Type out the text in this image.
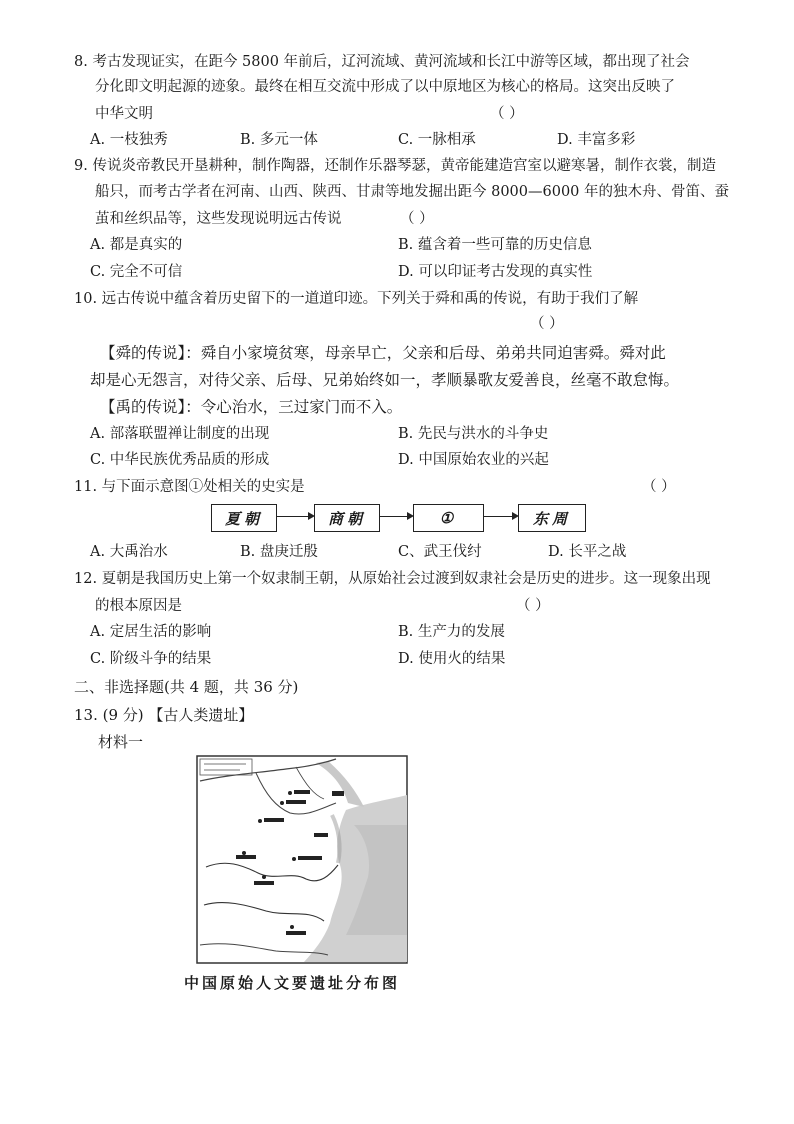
8. 考古发现证实，在距今 5800 年前后，辽河流域、黄河流域和长江中游等区域，都出现了社会
分化即文明起源的迹象。最终在相互交流中形成了以中原地区为核心的格局。这突出反映了
中华文明	（ ）
A. 一枝独秀	B. 多元一体	C. 一脉相承	D. 丰富多彩
9. 传说炎帝教民开垦耕种，制作陶器，还制作乐器琴瑟，黄帝能建造宫室以避寒暑，制作衣裳，制造
船只，而考古学者在河南、山西、陕西、甘肃等地发掘出距今 8000—6000 年的独木舟、骨笛、蚕
茧和丝织品等，这些发现说明远古传说	（ ）
A. 都是真实的	B. 蕴含着一些可靠的历史信息
C. 完全不可信	D. 可以印证考古发现的真实性
10. 远古传说中蕴含着历史留下的一道道印迹。下列关于舜和禹的传说，有助于我们了解
（ ）
【舜的传说】：舜自小家境贫寒，母亲早亡，父亲和后母、弟弟共同迫害舜。舜对此
却是心无怨言，对待父亲、后母、兄弟始终如一，孝顺暴歌友爱善良，丝毫不敢怠悔。
【禹的传说】：令心治水，三过家门而不入。
A. 部落联盟禅让制度的出现	B. 先民与洪水的斗争史
C. 中华民族优秀品质的形成	D. 中国原始农业的兴起
11. 与下面示意图①处相关的史实是	（ ）
夏朝	商朝	①	东周
A. 大禹治水	B. 盘庚迁殷	C、武王伐纣	D. 长平之战
12. 夏朝是我国历史上第一个奴隶制王朝，从原始社会过渡到奴隶社会是历史的进步。这一现象出现
的根本原因是	（ ）
A. 定居生活的影响	B. 生产力的发展
C. 阶级斗争的结果	D. 使用火的结果
二、非选择题(共 4 题，共 36 分)
13. (9 分) 【古人类遗址】
材料一
中国原始人文要遗址分布图
